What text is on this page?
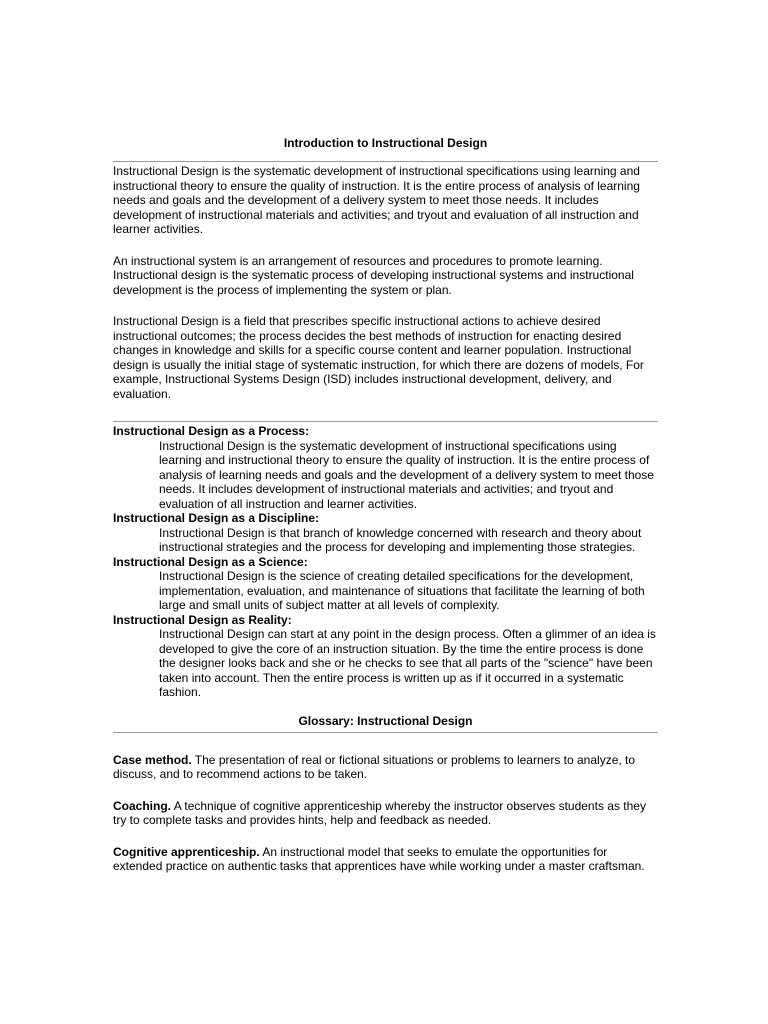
Introduction to Instructional Design

Instructional Design is the systematic development of instructional specifications using learning and instructional theory to ensure the quality of instruction. It is the entire process of analysis of learning needs and goals and the development of a delivery system to meet those needs. It includes development of instructional materials and activities; and tryout and evaluation of all instruction and learner activities.

An instructional system is an arrangement of resources and procedures to promote learning. Instructional design is the systematic process of developing instructional systems and instructional development is the process of implementing the system or plan.

Instructional Design is a field that prescribes specific instructional actions to achieve desired instructional outcomes; the process decides the best methods of instruction for enacting desired changes in knowledge and skills for a specific course content and learner population. Instructional design is usually the initial stage of systematic instruction, for which there are dozens of models, For example, Instructional Systems Design (ISD) includes instructional development, delivery, and evaluation.

Instructional Design as a Process:
Instructional Design is the systematic development of instructional specifications using learning and instructional theory to ensure the quality of instruction. It is the entire process of analysis of learning needs and goals and the development of a delivery system to meet those needs. It includes development of instructional materials and activities; and tryout and evaluation of all instruction and learner activities.
Instructional Design as a Discipline:
Instructional Design is that branch of knowledge concerned with research and theory about instructional strategies and the process for developing and implementing those strategies.
Instructional Design as a Science:
Instructional Design is the science of creating detailed specifications for the development, implementation, evaluation, and maintenance of situations that facilitate the learning of both large and small units of subject matter at all levels of complexity.
Instructional Design as Reality:
Instructional Design can start at any point in the design process. Often a glimmer of an idea is developed to give the core of an instruction situation. By the time the entire process is done the designer looks back and she or he checks to see that all parts of the "science" have been taken into account. Then the entire process is written up as if it occurred in a systematic fashion.

Glossary: Instructional Design

Case method. The presentation of real or fictional situations or problems to learners to analyze, to discuss, and to recommend actions to be taken.

Coaching. A technique of cognitive apprenticeship whereby the instructor observes students as they try to complete tasks and provides hints, help and feedback as needed.

Cognitive apprenticeship. An instructional model that seeks to emulate the opportunities for extended practice on authentic tasks that apprentices have while working under a master craftsman.
